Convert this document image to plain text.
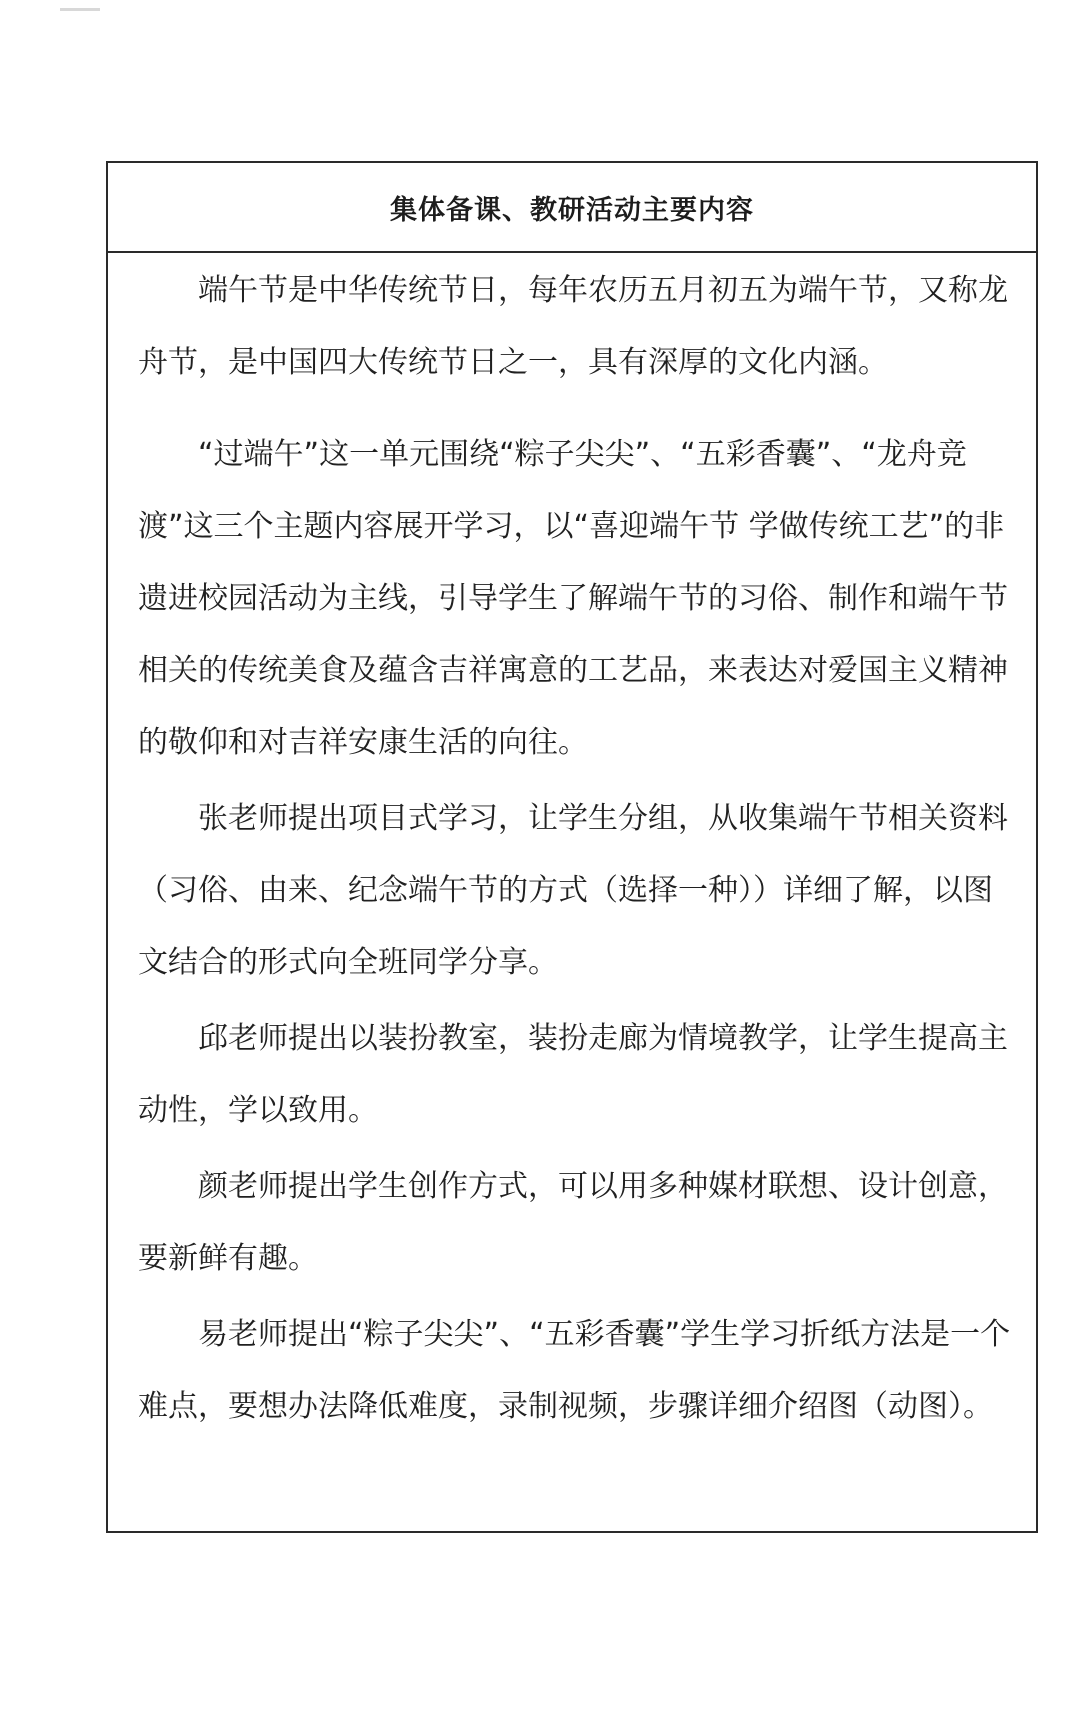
集体备课、教研活动主要内容

端午节是中华传统节日，每年农历五月初五为端午节，又称龙舟节，是中国四大传统节日之一，具有深厚的文化内涵。

“过端午”这一单元围绕“粽子尖尖”、“五彩香囊”、“龙舟竞渡”这三个主题内容展开学习，以“喜迎端午节 学做传统工艺”的非遗进校园活动为主线，引导学生了解端午节的习俗、制作和端午节相关的传统美食及蕴含吉祥寓意的工艺品，来表达对爱国主义精神的敬仰和对吉祥安康生活的向往。

张老师提出项目式学习，让学生分组，从收集端午节相关资料（习俗、由来、纪念端午节的方式（选择一种））详细了解，以图文结合的形式向全班同学分享。

邱老师提出以装扮教室，装扮走廊为情境教学，让学生提高主动性，学以致用。

颜老师提出学生创作方式，可以用多种媒材联想、设计创意，要新鲜有趣。

易老师提出“粽子尖尖”、“五彩香囊”学生学习折纸方法是一个难点，要想办法降低难度，录制视频，步骤详细介绍图（动图）。
